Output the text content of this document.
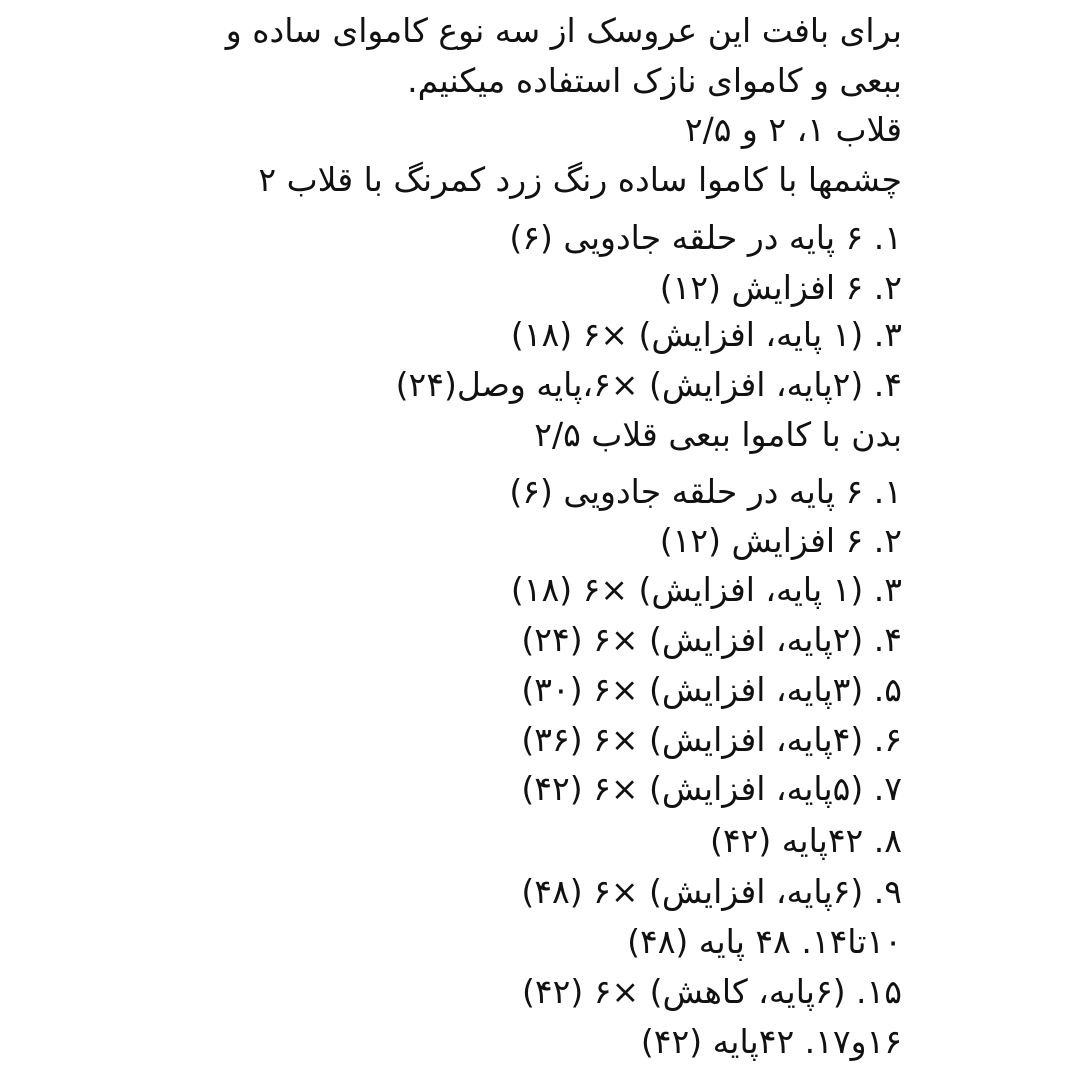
برای بافت این عروسک از سه نوع کاموای ساده و
ببعی و کاموای نازک استفاده میکنیم.
قلاب ۱، ۲ و ۲/۵
چشمها با کاموا ساده رنگ زرد کمرنگ با قلاب ۲
۱. ۶ پایه در حلقه جادویی (۶)
۲. ۶ افزایش (۱۲)
۳. (۱ پایه، افزایش) ×۶ (۱۸)
۴. (۲پایه، افزایش) ×۶،پایه وصل(۲۴)
بدن با کاموا ببعی قلاب ۲/۵
۱. ۶ پایه در حلقه جادویی (۶)
۲. ۶ افزایش (۱۲)
۳. (۱ پایه، افزایش) ×۶ (۱۸)
۴. (۲پایه، افزایش) ×۶ (۲۴)
۵. (۳پایه، افزایش) ×۶ (۳۰)
۶. (۴پایه، افزایش) ×۶ (۳۶)
۷. (۵پایه، افزایش) ×۶ (۴۲)
۸. ۴۲پایه (۴۲)
۹. (۶پایه، افزایش) ×۶ (۴۸)
۱۰تا۱۴. ۴۸ پایه (۴۸)
۱۵. (۶پایه، کاهش) ×۶ (۴۲)
۱۶و۱۷. ۴۲پایه (۴۲)
